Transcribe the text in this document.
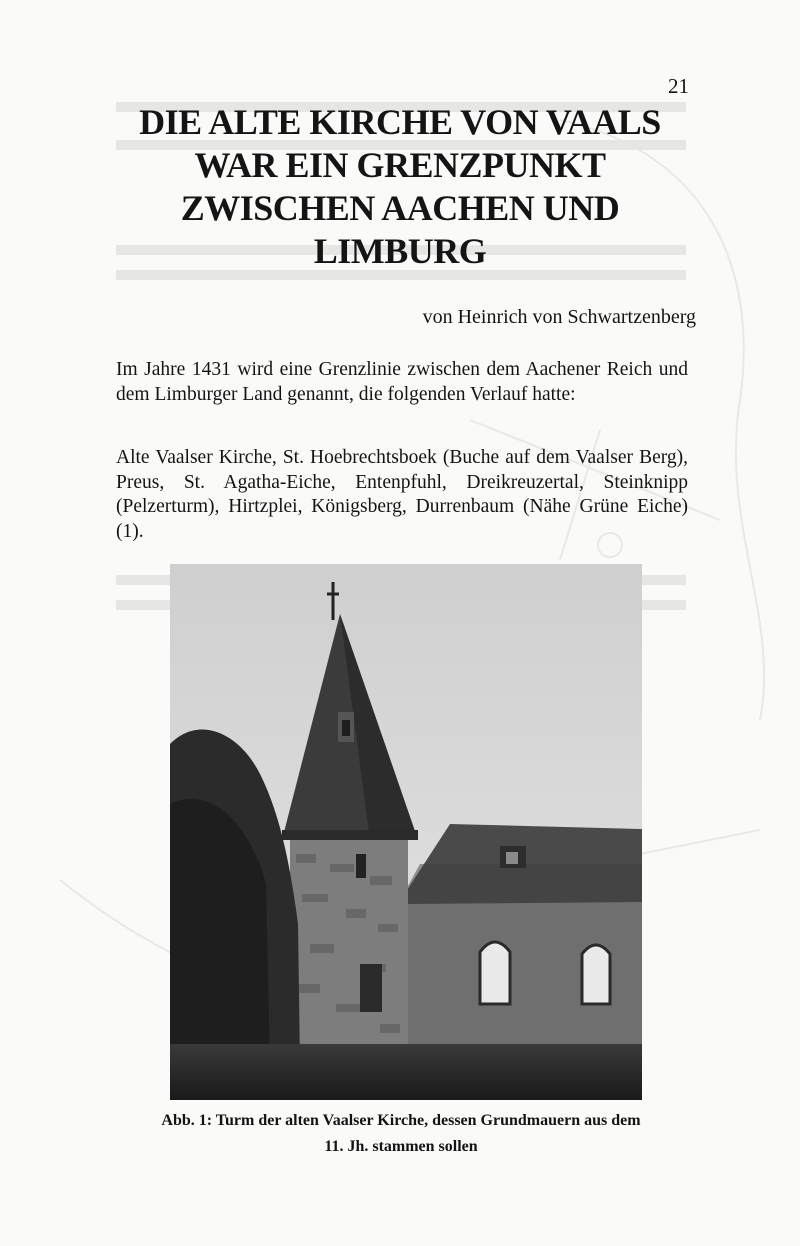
21
DIE ALTE KIRCHE VON VAALS
WAR EIN GRENZPUNKT
ZWISCHEN AACHEN UND
LIMBURG
von Heinrich von Schwartzenberg

Im Jahre 1431 wird eine Grenzlinie zwischen dem Aachener Reich und dem Limburger Land genannt, die folgenden Verlauf hatte:

Alte Vaalser Kirche, St. Hoebrechtsboek (Buche auf dem Vaalser Berg), Preus, St. Agatha-Eiche, Entenpfuhl, Dreikreuzertal, Steinknipp (Pelzerturm), Hirtzplei, Königsberg, Durrenbaum (Nähe Grüne Eiche) (1).

Abb. 1: Turm der alten Vaalser Kirche, dessen Grundmauern aus dem
11. Jh. stammen sollen
